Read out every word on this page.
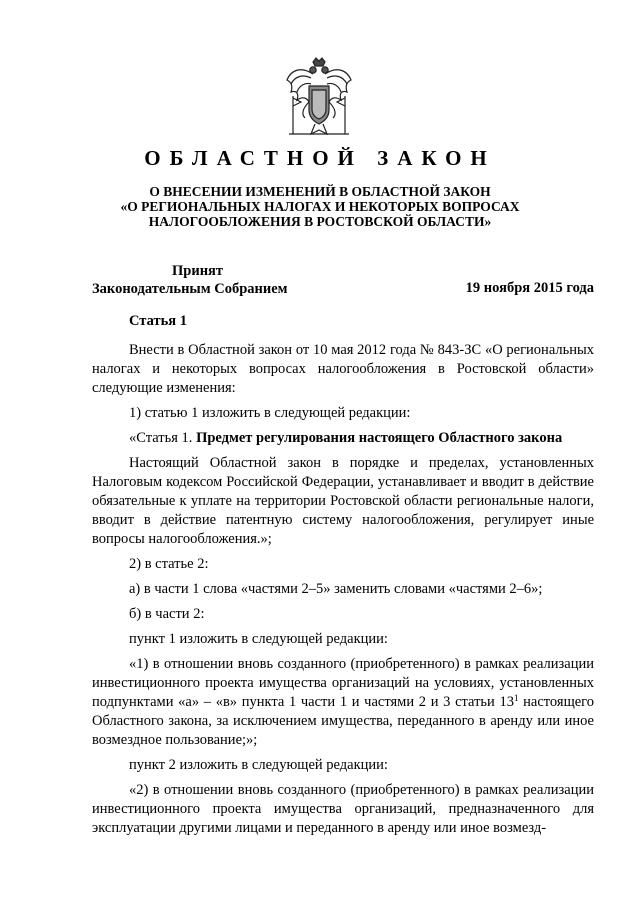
ОБЛАСТНОЙ ЗАКОН
О ВНЕСЕНИИ ИЗМЕНЕНИЙ В ОБЛАСТНОЙ ЗАКОН
«О РЕГИОНАЛЬНЫХ НАЛОГАХ И НЕКОТОРЫХ ВОПРОСАХ
НАЛОГООБЛОЖЕНИЯ В РОСТОВСКОЙ ОБЛАСТИ»
Принят
Законодательным Собранием	19 ноября 2015 года

Статья 1

Внести в Областной закон от 10 мая 2012 года № 843-ЗС «О региональных налогах и некоторых вопросах налогообложения в Ростовской области» следующие изменения:

1) статью 1 изложить в следующей редакции:

«Статья 1. Предмет регулирования настоящего Областного закона

Настоящий Областной закон в порядке и пределах, установленных Налоговым кодексом Российской Федерации, устанавливает и вводит в действие обязательные к уплате на территории Ростовской области региональные налоги, вводит в действие патентную систему налогообложения, регулирует иные вопросы налогообложения.»;

2) в статье 2:

а) в части 1 слова «частями 2–5» заменить словами «частями 2–6»;

б) в части 2:

пункт 1 изложить в следующей редакции:

«1) в отношении вновь созданного (приобретенного) в рамках реализации инвестиционного проекта имущества организаций на условиях, установленных подпунктами «а» – «в» пункта 1 части 1 и частями 2 и 3 статьи $13^1$ настоящего Областного закона, за исключением имущества, переданного в аренду или иное возмездное пользование;»;

пункт 2 изложить в следующей редакции:

«2) в отношении вновь созданного (приобретенного) в рамках реализации инвестиционного проекта имущества организаций, предназначенного для эксплуатации другими лицами и переданного в аренду или иное возмезд-
